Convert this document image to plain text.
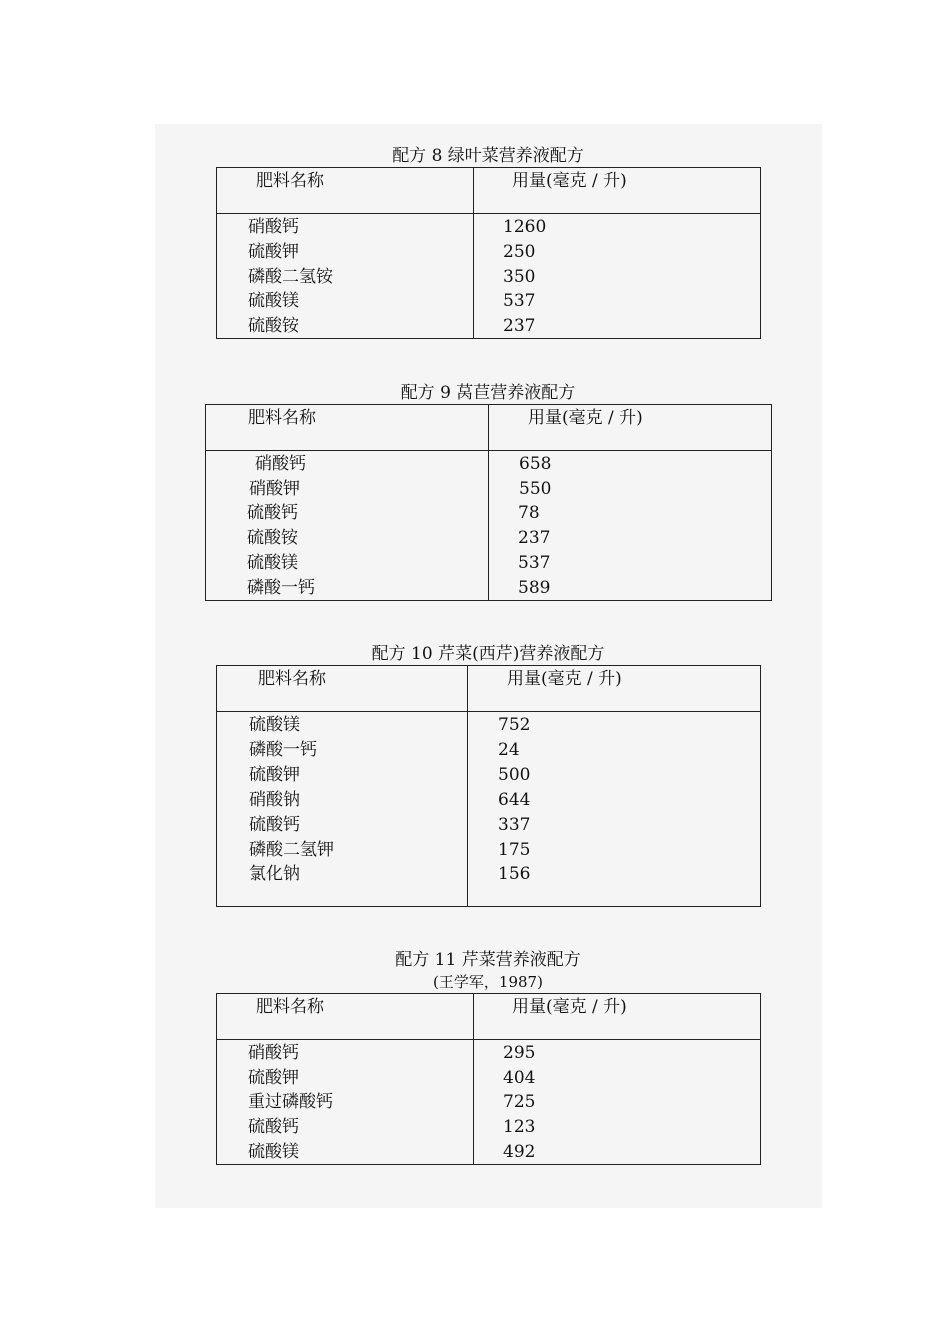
配方 8 绿叶菜营养液配方
肥料名称	用量(毫克 / 升)
硝酸钙	1260
硫酸钾	250
磷酸二氢铵	350
硫酸镁	537
硫酸铵	237
配方 9 莴苣营养液配方
肥料名称	用量(毫克 / 升)
硝酸钙	658
硝酸钾	550
硫酸钙	78
硫酸铵	237
硫酸镁	537
磷酸一钙	589
配方 10 芹菜(西芹)营养液配方
肥料名称	用量(毫克 / 升)
硫酸镁	752
磷酸一钙	24
硫酸钾	500
硝酸钠	644
硫酸钙	337
磷酸二氢钾	175
氯化钠	156
配方 11 芹菜营养液配方
(王学军，1987)
肥料名称	用量(毫克 / 升)
硝酸钙	295
硫酸钾	404
重过磷酸钙	725
硫酸钙	123
硫酸镁	492
